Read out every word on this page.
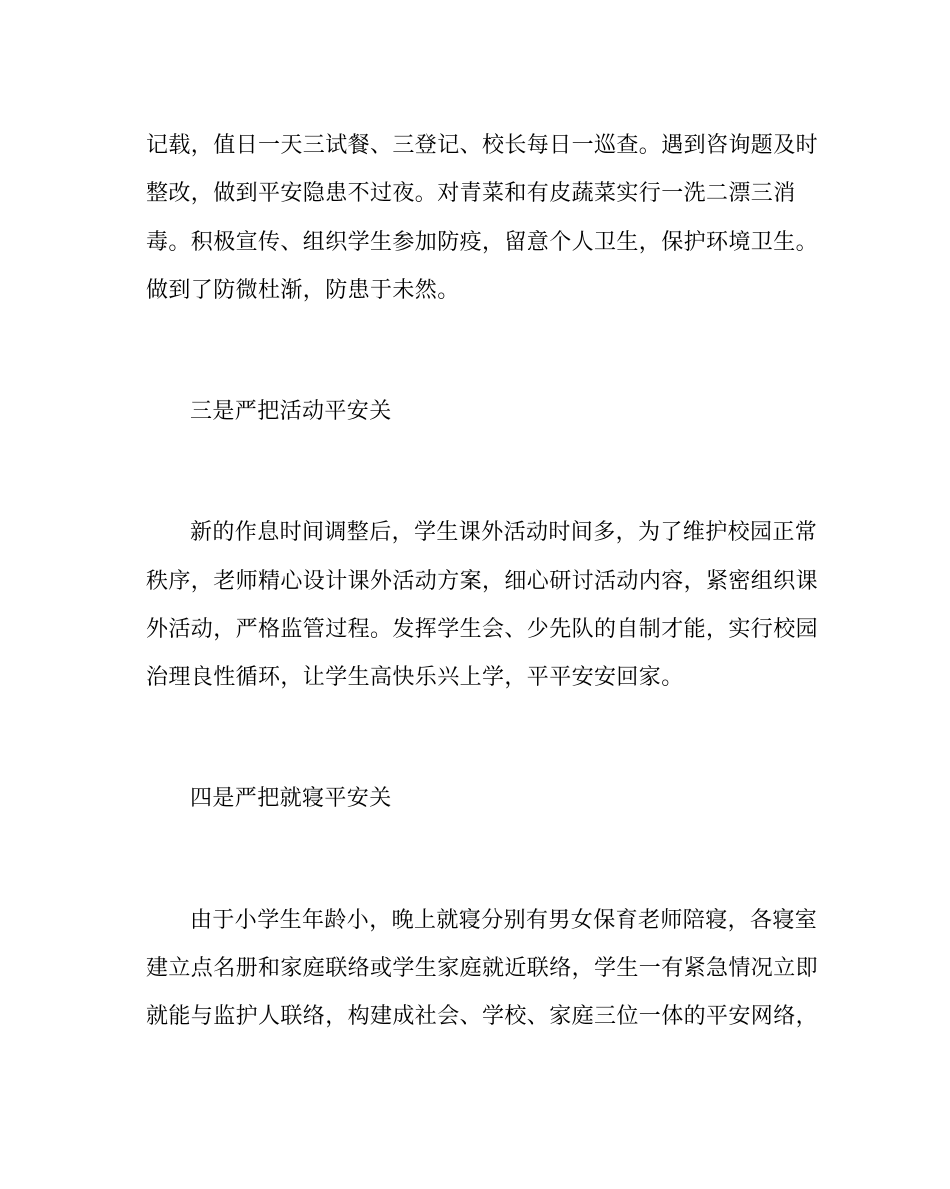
记载，值日一天三试餐、三登记、校长每日一巡查。遇到咨询题及时
整改，做到平安隐患不过夜。对青菜和有皮蔬菜实行一洗二漂三消
毒。积极宣传、组织学生参加防疫，留意个人卫生，保护环境卫生。
做到了防微杜渐，防患于未然。
三是严把活动平安关
新的作息时间调整后，学生课外活动时间多，为了维护校园正常
秩序，老师精心设计课外活动方案，细心研讨活动内容，紧密组织课
外活动，严格监管过程。发挥学生会、少先队的自制才能，实行校园
治理良性循环，让学生高快乐兴上学，平平安安回家。
四是严把就寝平安关
由于小学生年龄小，晚上就寝分别有男女保育老师陪寝，各寝室
建立点名册和家庭联络或学生家庭就近联络，学生一有紧急情况立即
就能与监护人联络，构建成社会、学校、家庭三位一体的平安网络，
